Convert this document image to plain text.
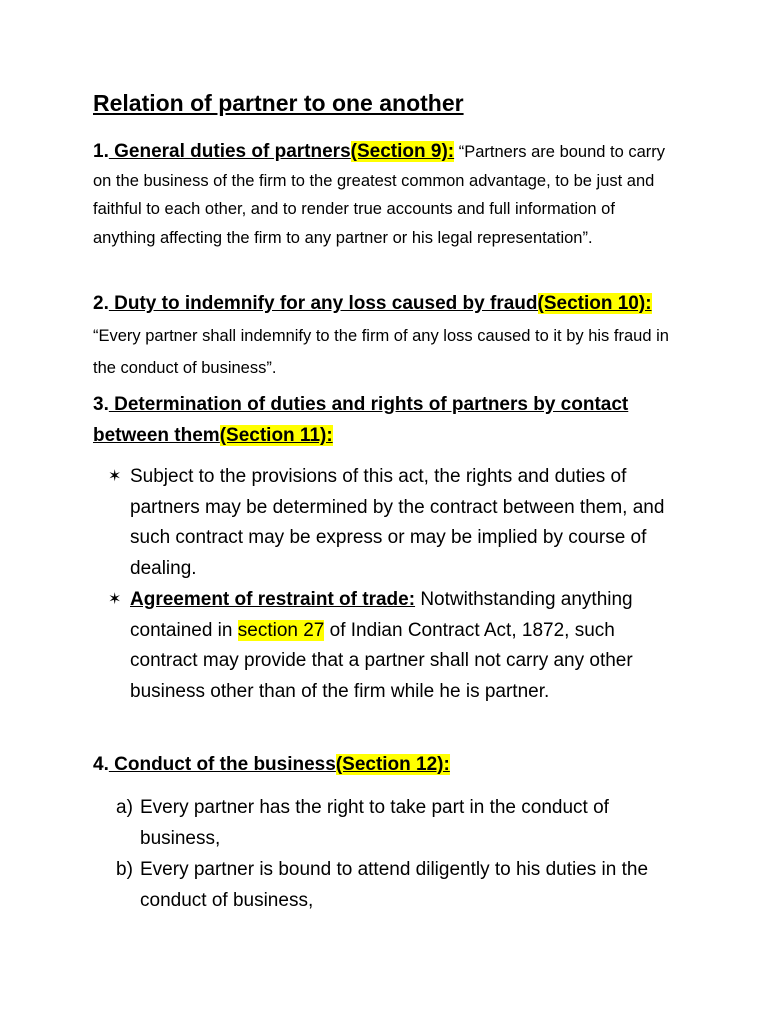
Relation of partner to one another
1. General duties of partners(Section 9): “Partners are bound to carry on the business of the firm to the greatest common advantage, to be just and faithful to each other, and to render true accounts and full information of anything affecting the firm to any partner or his legal representation”.
2. Duty to indemnify for any loss caused by fraud(Section 10): “Every partner shall indemnify to the firm of any loss caused to it by his fraud in the conduct of business”.
3. Determination of duties and rights of partners by contact between them(Section 11):
✶ Subject to the provisions of this act, the rights and duties of partners may be determined by the contract between them, and such contract may be express or may be implied by course of dealing.
✶ Agreement of restraint of trade: Notwithstanding anything contained in section 27 of Indian Contract Act, 1872, such contract may provide that a partner shall not carry any other business other than of the firm while he is partner.
4. Conduct of the business(Section 12):
a) Every partner has the right to take part in the conduct of business,
b) Every partner is bound to attend diligently to his duties in the conduct of business,
